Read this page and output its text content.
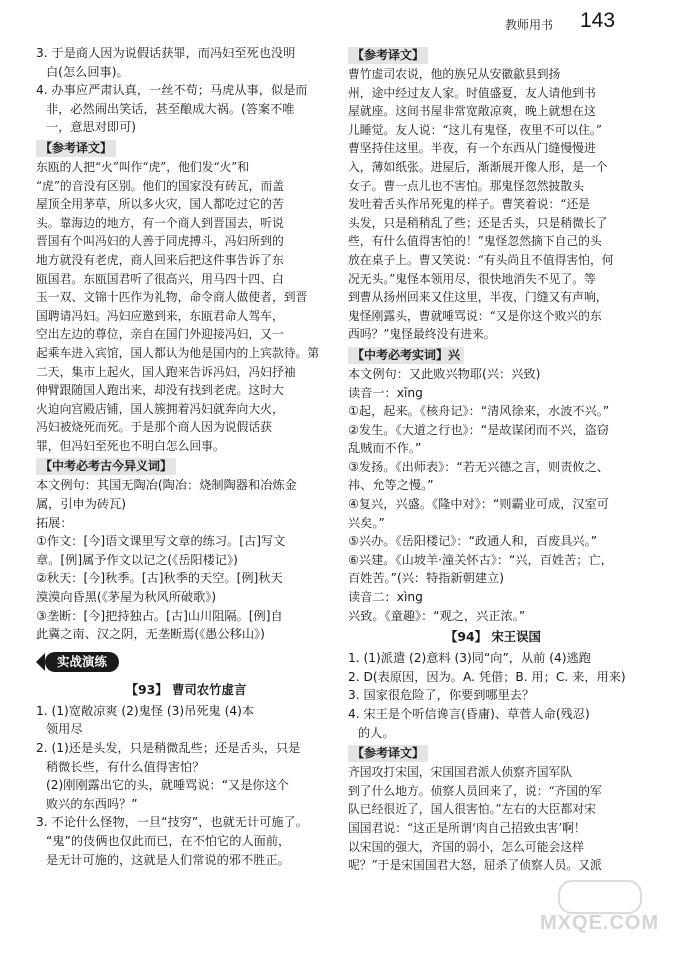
教师用书 143

3. 于是商人因为说假话获罪，而冯妇至死也没明

白(怎么回事)。

4. 办事应严肃认真，一丝不苟；马虎从事，似是而

非，必然闹出笑话，甚至酿成大祸。(答案不唯

一，意思对即可)

【参考译文】

东瓯的人把“火”叫作“虎”，他们发“火”和

“虎”的音没有区别。他们的国家没有砖瓦，而盖

屋顶全用茅草，所以多火灾，国人都吃过它的苦

头。靠海边的地方，有一个商人到晋国去，听说

晋国有个叫冯妇的人善于同虎搏斗，冯妇所到的

地方就没有老虎，商人回来后把这件事告诉了东

瓯国君。东瓯国君听了很高兴，用马四十四、白

玉一双、文锦十匹作为礼物，命令商人做使者，到晋

国聘请冯妇。冯妇应邀到来，东瓯君命人驾车，

空出左边的尊位，亲自在国门外迎接冯妇，又一

起乘车进入宾馆，国人都认为他是国内的上宾款待。第

二天，集市上起火，国人跑来告诉冯妇，冯妇抒袖

伸臂跟随国人跑出来，却没有找到老虎。这时大

火迫向宫殿店铺，国人簇拥着冯妇就奔向大火，

冯妇被烧死而死。于是那个商人因为说假话获

罪，但冯妇至死也不明白怎么回事。

【中考必考古今异义词】

本文例句：其国无陶冶(陶冶：烧制陶器和冶炼金

属，引申为砖瓦)

拓展：

①作文：[今]语文课里写文章的练习。[古]写文

章。[例]属予作文以记之(《岳阳楼记》)

②秋天：[今]秋季。[古]秋季的天空。[例]秋天

漠漠向昏黑(《茅屋为秋风所破歌》)

③垄断：[今]把持独占。[古]山川阻隔。[例]自

此冀之南、汉之阴，无垄断焉(《愚公移山》)

实战演练
【93】 曹司农竹虚言

1. (1)宽敞凉爽 (2)鬼怪 (3)吊死鬼 (4)本

领用尽

2. (1)还是头发，只是稍微乱些；还是舌头，只是

稍微长些，有什么值得害怕？

(2)刚刚露出它的头，就唾骂说：“又是你这个

败兴的东西吗？”

3. 不论什么怪物，一旦“技穷”，也就无计可施了。

“鬼”的伎俩也仅此而已，在不怕它的人面前，

是无计可施的，这就是人们常说的邪不胜正。

【参考译文】

曹竹虚司农说，他的族兄从安徽歙县到扬

州，途中经过友人家。时值盛夏，友人请他到书

屋就座。这间书屋非常宽敞凉爽，晚上就想在这

儿睡觉。友人说：“这儿有鬼怪，夜里不可以住。”

曹坚持住这里。半夜，有一个东西从门缝慢慢进

入，薄如纸张。进屋后，渐渐展开像人形，是一个

女子。曹一点儿也不害怕。那鬼怪忽然披散头

发吐着舌头作吊死鬼的样子。曹笑着说：“还是

头发，只是稍稍乱了些；还是舌头，只是稍微长了

些，有什么值得害怕的！”鬼怪忽然摘下自己的头

放在桌子上。曹又笑说：“有头尚且不值得害怕，何

况无头。”鬼怪本领用尽，很快地消失不见了。等

到曹从扬州回来又住这里，半夜，门缝又有声响，

鬼怪刚露头，曹就唾骂说：“又是你这个败兴的东

西吗？”鬼怪最终没有进来。

【中考必考实词】兴

本文例句：又此败兴物耶(兴：兴致)

读音一：xīng

①起，起来。《核舟记》：“清风徐来，水波不兴。”

②发生。《大道之行也》：“是故谋闭而不兴，盗窃

乱贼而不作。”

③发扬。《出师表》：“若无兴德之言，则责攸之、

祎、允等之慢。”

④复兴，兴盛。《隆中对》：“则霸业可成，汉室可

兴矣。”

⑤兴办。《岳阳楼记》：“政通人和，百废具兴。”

⑥兴建。《山坡羊·潼关怀古》：“兴，百姓苦；亡，

百姓苦。”(兴：特指新朝建立)

读音二：xìng

兴致。《童趣》：“观之，兴正浓。”

【94】 宋王误国

1. (1)派遣 (2)意料 (3)同“向”，从前 (4)逃跑

2. D(表原因，因为。A. 凭借；B. 用；C. 来，用来)

3. 国家很危险了，你要到哪里去？

4. 宋王是个听信谗言(昏庸)、草菅人命(残忍)

的人。

【参考译文】

齐国攻打宋国，宋国国君派人侦察齐国军队

到了什么地方。侦察人员回来了，说：“齐国的军

队已经很近了，国人很害怕。”左右的大臣都对宋

国国君说：“这正是所谓‘肉自己招致虫害’啊！

以宋国的强大，齐国的弱小，怎么可能会这样

呢？”于是宋国国君大怒，屈杀了侦察人员。又派

MXQE.COM
